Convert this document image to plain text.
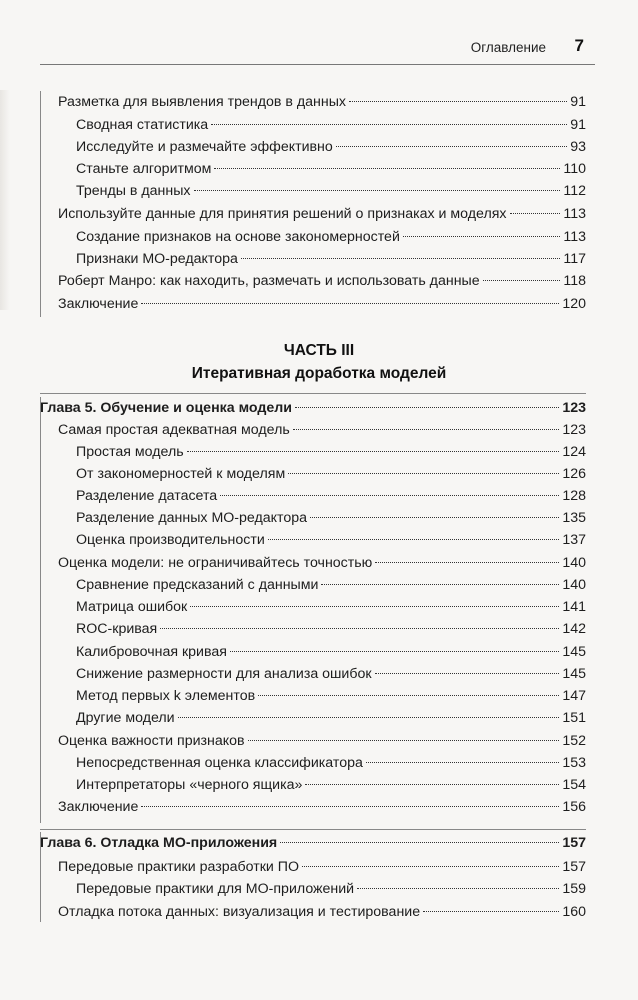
Оглавление 7
Разметка для выявления трендов в данных	91
Сводная статистика	91
Исследуйте и размечайте эффективно	93
Станьте алгоритмом	110
Тренды в данных	112
Используйте данные для принятия решений о признаках и моделях	113
Создание признаков на основе закономерностей	113
Признаки МО-редактора	117
Роберт Манро: как находить, размечать и использовать данные	118
Заключение	120
ЧАСТЬ III
Итеративная доработка моделей
Глава 5. Обучение и оценка модели	123
Самая простая адекватная модель	123
Простая модель	124
От закономерностей к моделям	126
Разделение датасета	128
Разделение данных МО-редактора	135
Оценка производительности	137
Оценка модели: не ограничивайтесь точностью	140
Сравнение предсказаний с данными	140
Матрица ошибок	141
ROC-кривая	142
Калибровочная кривая	145
Снижение размерности для анализа ошибок	145
Метод первых k элементов	147
Другие модели	151
Оценка важности признаков	152
Непосредственная оценка классификатора	153
Интерпретаторы «черного ящика»	154
Заключение	156
Глава 6. Отладка МО-приложения	157
Передовые практики разработки ПО	157
Передовые практики для МО-приложений	159
Отладка потока данных: визуализация и тестирование	160
